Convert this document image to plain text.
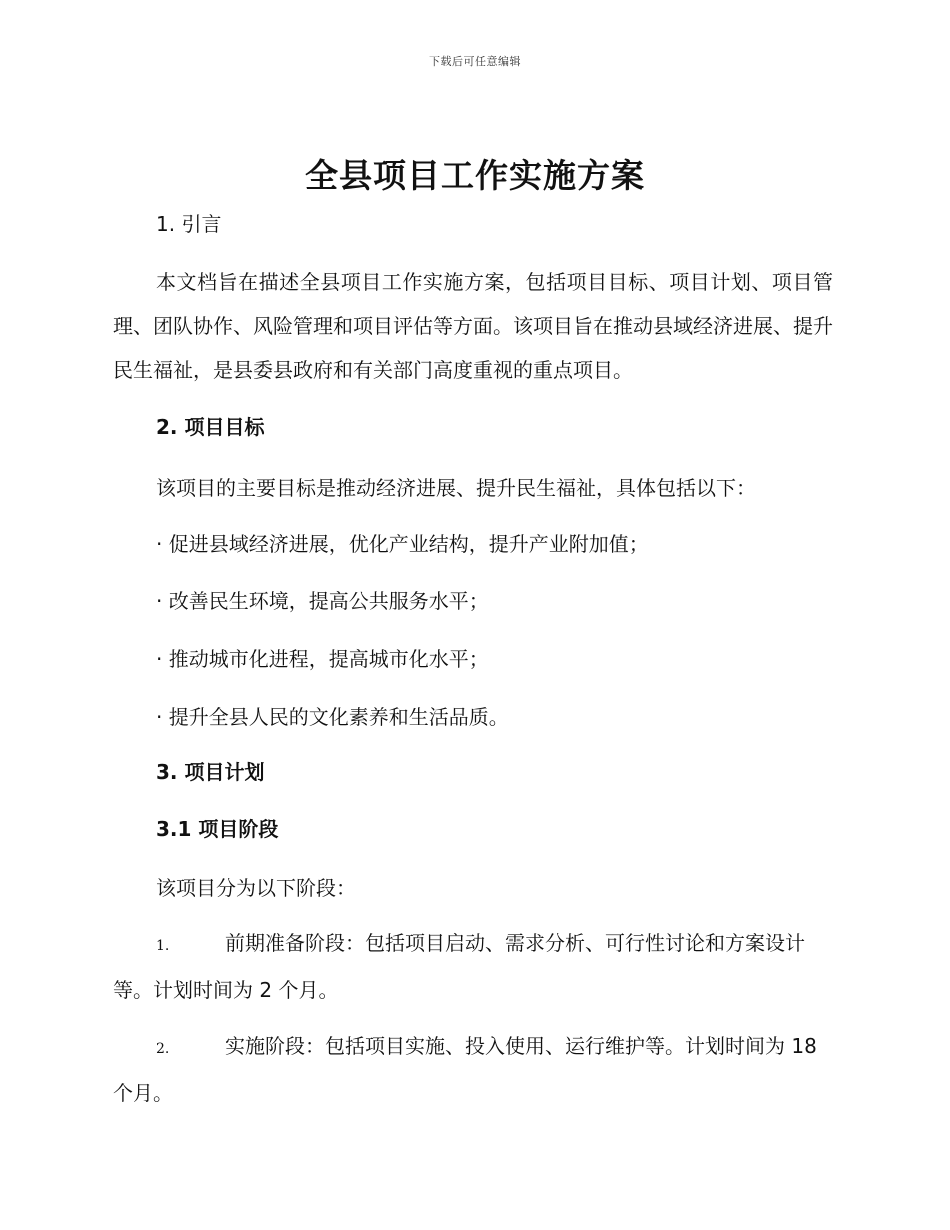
下载后可任意编辑
全县项目工作实施方案
1. 引言

本文档旨在描述全县项目工作实施方案，包括项目目标、项目计划、项目管理、团队协作、风险管理和项目评估等方面。该项目旨在推动县域经济进展、提升民生福祉，是县委县政府和有关部门高度重视的重点项目。

2. 项目目标

该项目的主要目标是推动经济进展、提升民生福祉，具体包括以下：

· 促进县域经济进展，优化产业结构，提升产业附加值；

· 改善民生环境，提高公共服务水平；

· 推动城市化进程，提高城市化水平；

· 提升全县人民的文化素养和生活品质。

3. 项目计划
3.1 项目阶段

该项目分为以下阶段：

1.	前期准备阶段：包括项目启动、需求分析、可行性讨论和方案设计等。计划时间为 2 个月。

2.	实施阶段：包括项目实施、投入使用、运行维护等。计划时间为 18 个月。
